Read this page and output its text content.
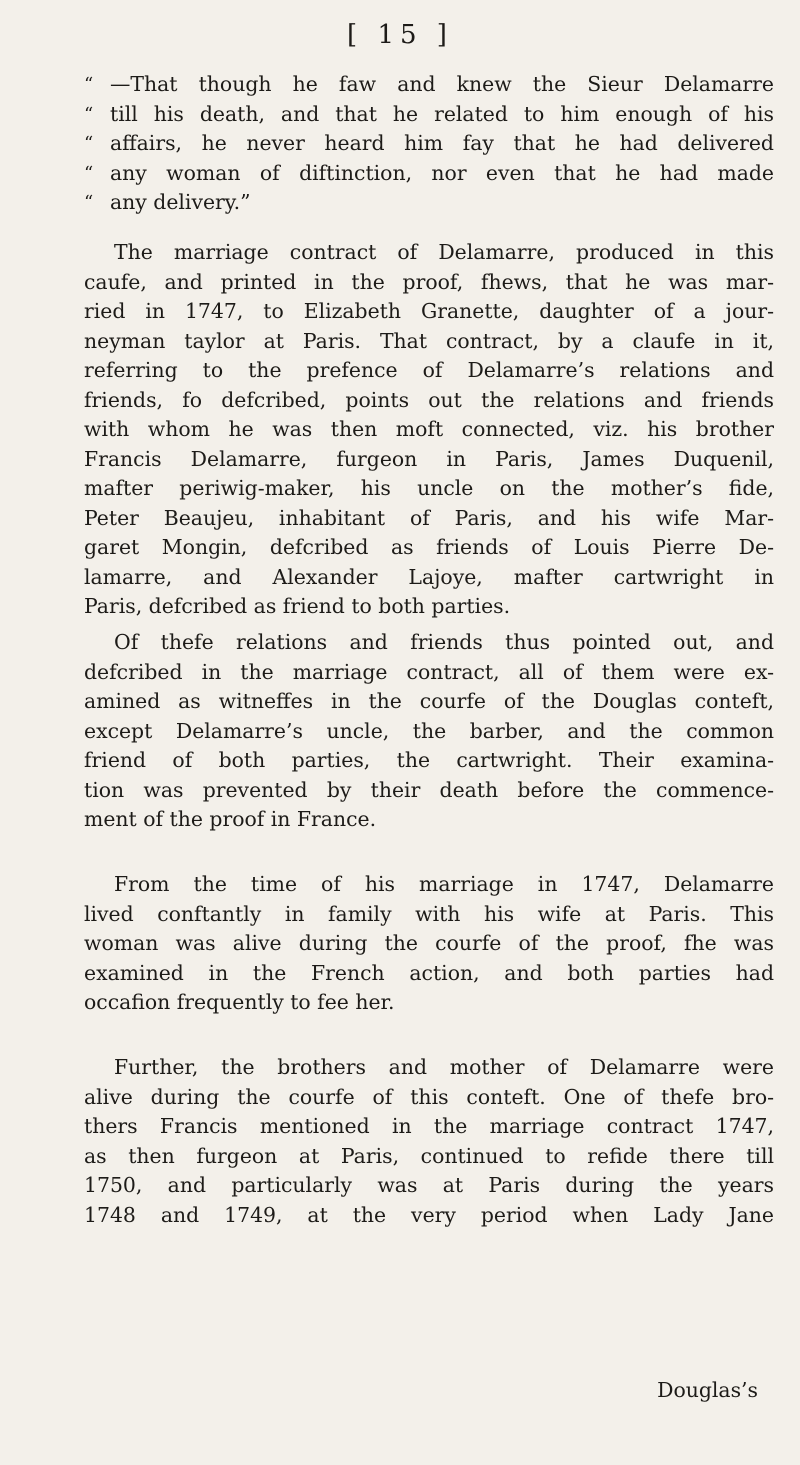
[ 15 ]
“ —That though he faw and knew the Sieur Delamarre
“ till his death, and that he related to him enough of his
“ affairs, he never heard him fay that he had delivered
“ any woman of diftinction, nor even that he had made
“ any delivery.”
The marriage contract of Delamarre, produced in this
caufe, and printed in the proof, fhews, that he was mar-
ried in 1747, to Elizabeth Granette, daughter of a jour-
neyman taylor at Paris. That contract, by a claufe in it,
referring to the prefence of Delamarre’s relations and
friends, fo defcribed, points out the relations and friends
with whom he was then moft connected, viz. his brother
Francis Delamarre, furgeon in Paris, James Duquenil,
mafter periwig-maker, his uncle on the mother’s fide,
Peter Beaujeu, inhabitant of Paris, and his wife Mar-
garet Mongin, defcribed as friends of Louis Pierre De-
lamarre, and Alexander Lajoye, mafter cartwright in
Paris, defcribed as friend to both parties.
Of thefe relations and friends thus pointed out, and
defcribed in the marriage contract, all of them were ex-
amined as witneffes in the courfe of the Douglas conteft,
except Delamarre’s uncle, the barber, and the common
friend of both parties, the cartwright. Their examina-
tion was prevented by their death before the commence-
ment of the proof in France.
From the time of his marriage in 1747, Delamarre
lived conftantly in family with his wife at Paris. This
woman was alive during the courfe of the proof, fhe was
examined in the French action, and both parties had
occafion frequently to fee her.
Further, the brothers and mother of Delamarre were
alive during the courfe of this conteft. One of thefe bro-
thers Francis mentioned in the marriage contract 1747,
as then furgeon at Paris, continued to refide there till
1750, and particularly was at Paris during the years
1748 and 1749, at the very period when Lady Jane
Douglas’s
